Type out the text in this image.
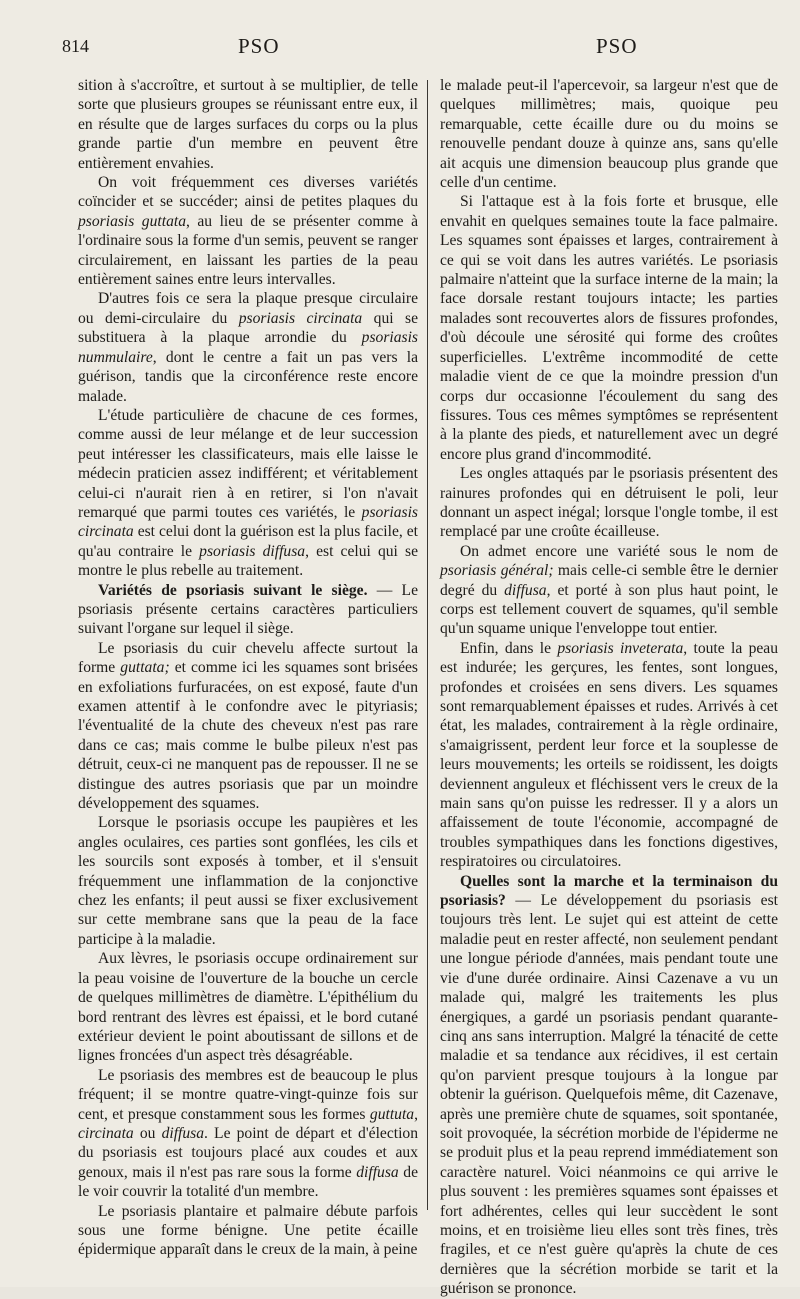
814	PSO	PSO

sition à s'accroître, et surtout à se multiplier, de telle sorte que plusieurs groupes se réunissant entre eux, il en résulte que de larges surfaces du corps ou la plus grande partie d'un membre en peuvent être entièrement envahies.

On voit fréquemment ces diverses variétés coïncider et se succéder; ainsi de petites plaques du psoriasis guttata, au lieu de se présenter comme à l'ordinaire sous la forme d'un semis, peuvent se ranger circulairement, en laissant les parties de la peau entièrement saines entre leurs intervalles.

D'autres fois ce sera la plaque presque circulaire ou demi-circulaire du psoriasis circinata qui se substituera à la plaque arrondie du psoriasis nummulaire, dont le centre a fait un pas vers la guérison, tandis que la circonférence reste encore malade.

L'étude particulière de chacune de ces formes, comme aussi de leur mélange et de leur succession peut intéresser les classificateurs, mais elle laisse le médecin praticien assez indifférent; et véritablement celui-ci n'aurait rien à en retirer, si l'on n'avait remarqué que parmi toutes ces variétés, le psoriasis circinata est celui dont la guérison est la plus facile, et qu'au contraire le psoriasis diffusa, est celui qui se montre le plus rebelle au traitement.

Variétés de psoriasis suivant le siège. — Le psoriasis présente certains caractères particuliers suivant l'organe sur lequel il siège.

Le psoriasis du cuir chevelu affecte surtout la forme guttata; et comme ici les squames sont brisées en exfoliations furfuracées, on est exposé, faute d'un examen attentif à le confondre avec le pityriasis; l'éventualité de la chute des cheveux n'est pas rare dans ce cas; mais comme le bulbe pileux n'est pas détruit, ceux-ci ne manquent pas de repousser. Il ne se distingue des autres psoriasis que par un moindre développement des squames.

Lorsque le psoriasis occupe les paupières et les angles oculaires, ces parties sont gonflées, les cils et les sourcils sont exposés à tomber, et il s'ensuit fréquemment une inflammation de la conjonctive chez les enfants; il peut aussi se fixer exclusivement sur cette membrane sans que la peau de la face participe à la maladie.

Aux lèvres, le psoriasis occupe ordinairement sur la peau voisine de l'ouverture de la bouche un cercle de quelques millimètres de diamètre. L'épithélium du bord rentrant des lèvres est épaissi, et le bord cutané extérieur devient le point aboutissant de sillons et de lignes froncées d'un aspect très désagréable.

Le psoriasis des membres est de beaucoup le plus fréquent; il se montre quatre-vingt-quinze fois sur cent, et presque constamment sous les formes guttuta, circinata ou diffusa. Le point de départ et d'élection du psoriasis est toujours placé aux coudes et aux genoux, mais il n'est pas rare sous la forme diffusa de le voir couvrir la totalité d'un membre.

Le psoriasis plantaire et palmaire débute parfois sous une forme bénigne. Une petite écaille épidermique apparaît dans le creux de la main, à peine

le malade peut-il l'apercevoir, sa largeur n'est que de quelques millimètres; mais, quoique peu remarquable, cette écaille dure ou du moins se renouvelle pendant douze à quinze ans, sans qu'elle ait acquis une dimension beaucoup plus grande que celle d'un centime.

Si l'attaque est à la fois forte et brusque, elle envahit en quelques semaines toute la face palmaire. Les squames sont épaisses et larges, contrairement à ce qui se voit dans les autres variétés. Le psoriasis palmaire n'atteint que la surface interne de la main; la face dorsale restant toujours intacte; les parties malades sont recouvertes alors de fissures profondes, d'où découle une sérosité qui forme des croûtes superficielles. L'extrême incommodité de cette maladie vient de ce que la moindre pression d'un corps dur occasionne l'écoulement du sang des fissures. Tous ces mêmes symptômes se représentent à la plante des pieds, et naturellement avec un degré encore plus grand d'incommodité.

Les ongles attaqués par le psoriasis présentent des rainures profondes qui en détruisent le poli, leur donnant un aspect inégal; lorsque l'ongle tombe, il est remplacé par une croûte écailleuse.

On admet encore une variété sous le nom de psoriasis général; mais celle-ci semble être le dernier degré du diffusa, et porté à son plus haut point, le corps est tellement couvert de squames, qu'il semble qu'un squame unique l'enveloppe tout entier.

Enfin, dans le psoriasis inveterata, toute la peau est indurée; les gerçures, les fentes, sont longues, profondes et croisées en sens divers. Les squames sont remarquablement épaisses et rudes. Arrivés à cet état, les malades, contrairement à la règle ordinaire, s'amaigrissent, perdent leur force et la souplesse de leurs mouvements; les orteils se roidissent, les doigts deviennent anguleux et fléchissent vers le creux de la main sans qu'on puisse les redresser. Il y a alors un affaissement de toute l'économie, accompagné de troubles sympathiques dans les fonctions digestives, respiratoires ou circulatoires.

Quelles sont la marche et la terminaison du psoriasis? — Le développement du psoriasis est toujours très lent. Le sujet qui est atteint de cette maladie peut en rester affecté, non seulement pendant une longue période d'années, mais pendant toute une vie d'une durée ordinaire. Ainsi Cazenave a vu un malade qui, malgré les traitements les plus énergiques, a gardé un psoriasis pendant quarante-cinq ans sans interruption. Malgré la ténacité de cette maladie et sa tendance aux récidives, il est certain qu'on parvient presque toujours à la longue par obtenir la guérison. Quelquefois même, dit Cazenave, après une première chute de squames, soit spontanée, soit provoquée, la sécrétion morbide de l'épiderme ne se produit plus et la peau reprend immédiatement son caractère naturel. Voici néanmoins ce qui arrive le plus souvent : les premières squames sont épaisses et fort adhérentes, celles qui leur succèdent le sont moins, et en troisième lieu elles sont très fines, très fragiles, et ce n'est guère qu'après la chute de ces dernières que la sécrétion morbide se tarit et la guérison se prononce.
